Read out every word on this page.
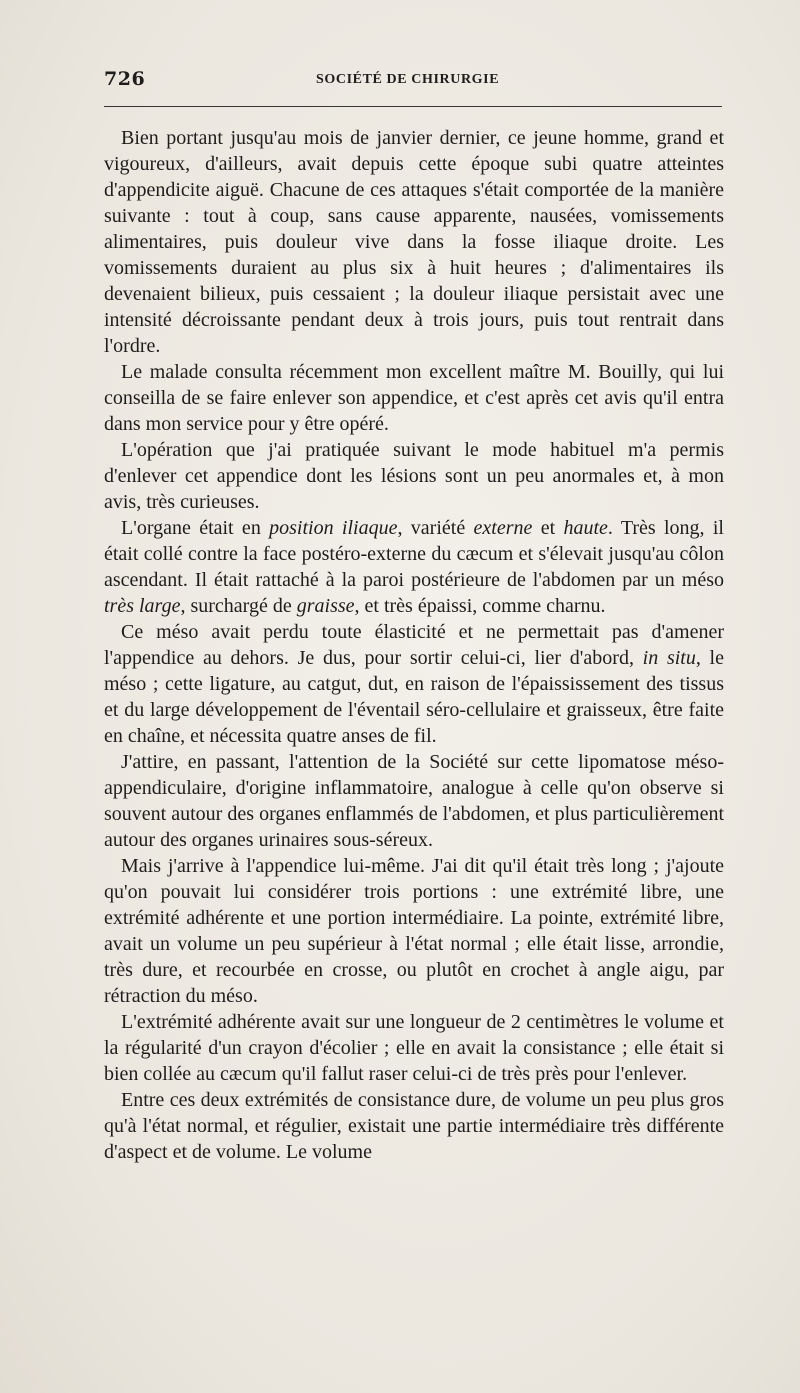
726	SOCIÉTÉ DE CHIRURGIE

Bien portant jusqu'au mois de janvier dernier, ce jeune homme, grand et vigoureux, d'ailleurs, avait depuis cette époque subi quatre atteintes d'appendicite aiguë. Chacune de ces attaques s'était comportée de la manière suivante : tout à coup, sans cause apparente, nausées, vomissements alimentaires, puis douleur vive dans la fosse iliaque droite. Les vomissements duraient au plus six à huit heures ; d'alimentaires ils devenaient bilieux, puis cessaient ; la douleur iliaque persistait avec une intensité décroissante pendant deux à trois jours, puis tout rentrait dans l'ordre.

Le malade consulta récemment mon excellent maître M. Bouilly, qui lui conseilla de se faire enlever son appendice, et c'est après cet avis qu'il entra dans mon service pour y être opéré.

L'opération que j'ai pratiquée suivant le mode habituel m'a permis d'enlever cet appendice dont les lésions sont un peu anormales et, à mon avis, très curieuses.

L'organe était en position iliaque, variété externe et haute. Très long, il était collé contre la face postéro-externe du cæcum et s'élevait jusqu'au côlon ascendant. Il était rattaché à la paroi postérieure de l'abdomen par un méso très large, surchargé de graisse, et très épaissi, comme charnu.

Ce méso avait perdu toute élasticité et ne permettait pas d'amener l'appendice au dehors. Je dus, pour sortir celui-ci, lier d'abord, in situ, le méso ; cette ligature, au catgut, dut, en raison de l'épaississement des tissus et du large développement de l'éventail séro-cellulaire et graisseux, être faite en chaîne, et nécessita quatre anses de fil.

J'attire, en passant, l'attention de la Société sur cette lipomatose méso-appendiculaire, d'origine inflammatoire, analogue à celle qu'on observe si souvent autour des organes enflammés de l'abdomen, et plus particulièrement autour des organes urinaires sous-séreux.

Mais j'arrive à l'appendice lui-même. J'ai dit qu'il était très long ; j'ajoute qu'on pouvait lui considérer trois portions : une extrémité libre, une extrémité adhérente et une portion intermédiaire. La pointe, extrémité libre, avait un volume un peu supérieur à l'état normal ; elle était lisse, arrondie, très dure, et recourbée en crosse, ou plutôt en crochet à angle aigu, par rétraction du méso.

L'extrémité adhérente avait sur une longueur de 2 centimètres le volume et la régularité d'un crayon d'écolier ; elle en avait la consistance ; elle était si bien collée au cæcum qu'il fallut raser celui-ci de très près pour l'enlever.

Entre ces deux extrémités de consistance dure, de volume un peu plus gros qu'à l'état normal, et régulier, existait une partie intermédiaire très différente d'aspect et de volume. Le volume
